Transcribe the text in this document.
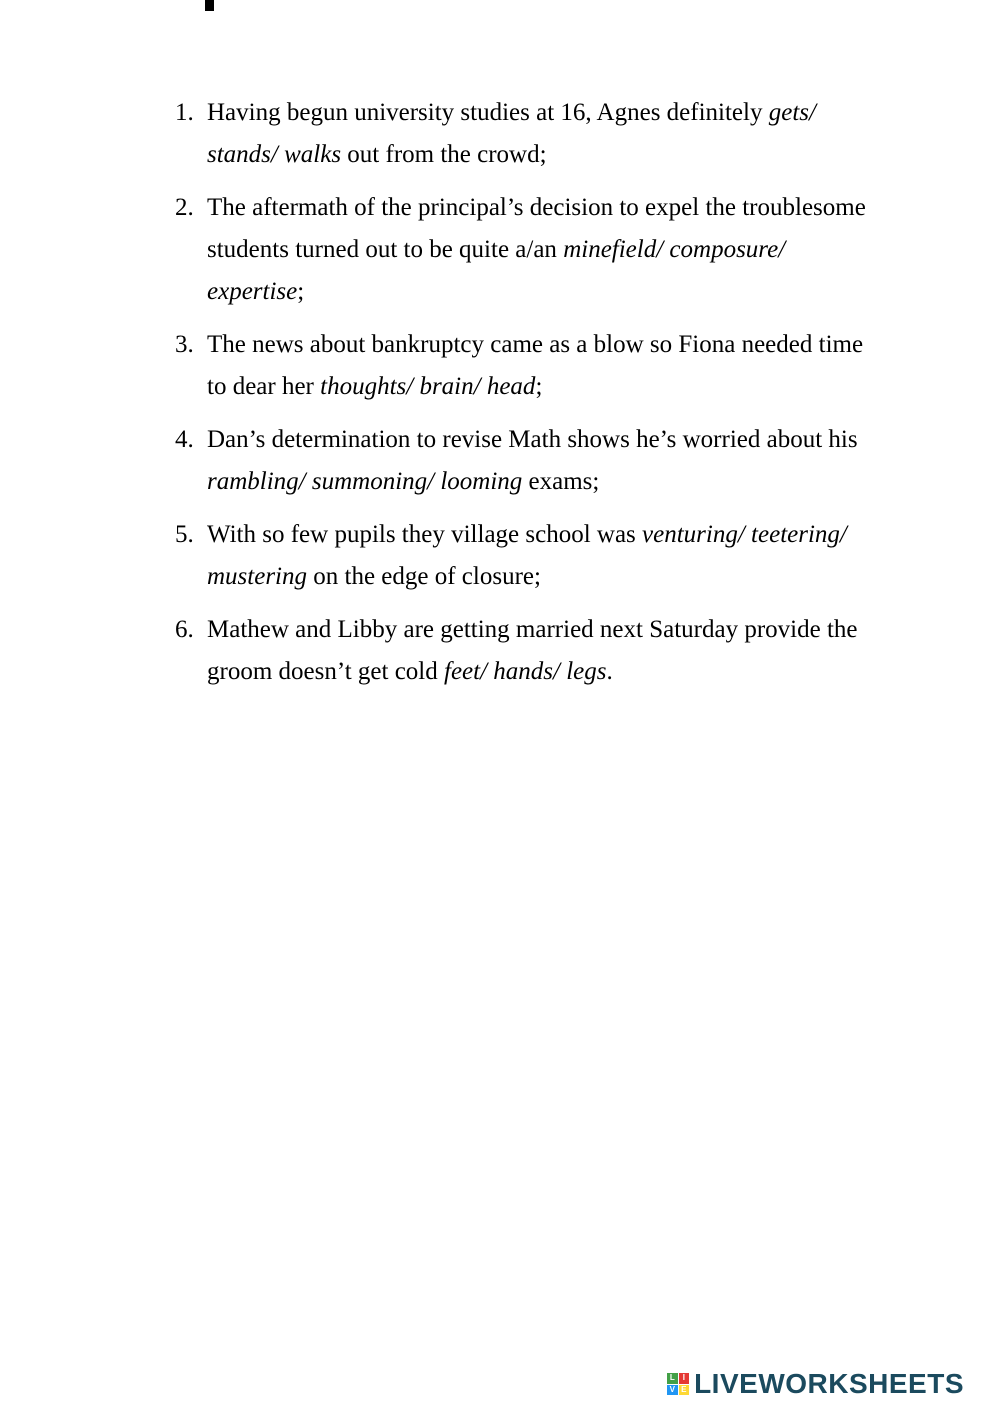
1. Having begun university studies at 16, Agnes definitely gets/ stands/ walks out from the crowd;

2. The aftermath of the principal’s decision to expel the troublesome students turned out to be quite a/an minefield/ composure/ expertise;

3. The news about bankruptcy came as a blow so Fiona needed time to dear her thoughts/ brain/ head;

4. Dan’s determination to revise Math shows he’s worried about his rambling/ summoning/ looming exams;

5. With so few pupils they village school was venturing/ teetering/ mustering on the edge of closure;

6. Mathew and Libby are getting married next Saturday provide the groom doesn’t get cold feet/ hands/ legs.

L I
V E LIVEWORKSHEETS
